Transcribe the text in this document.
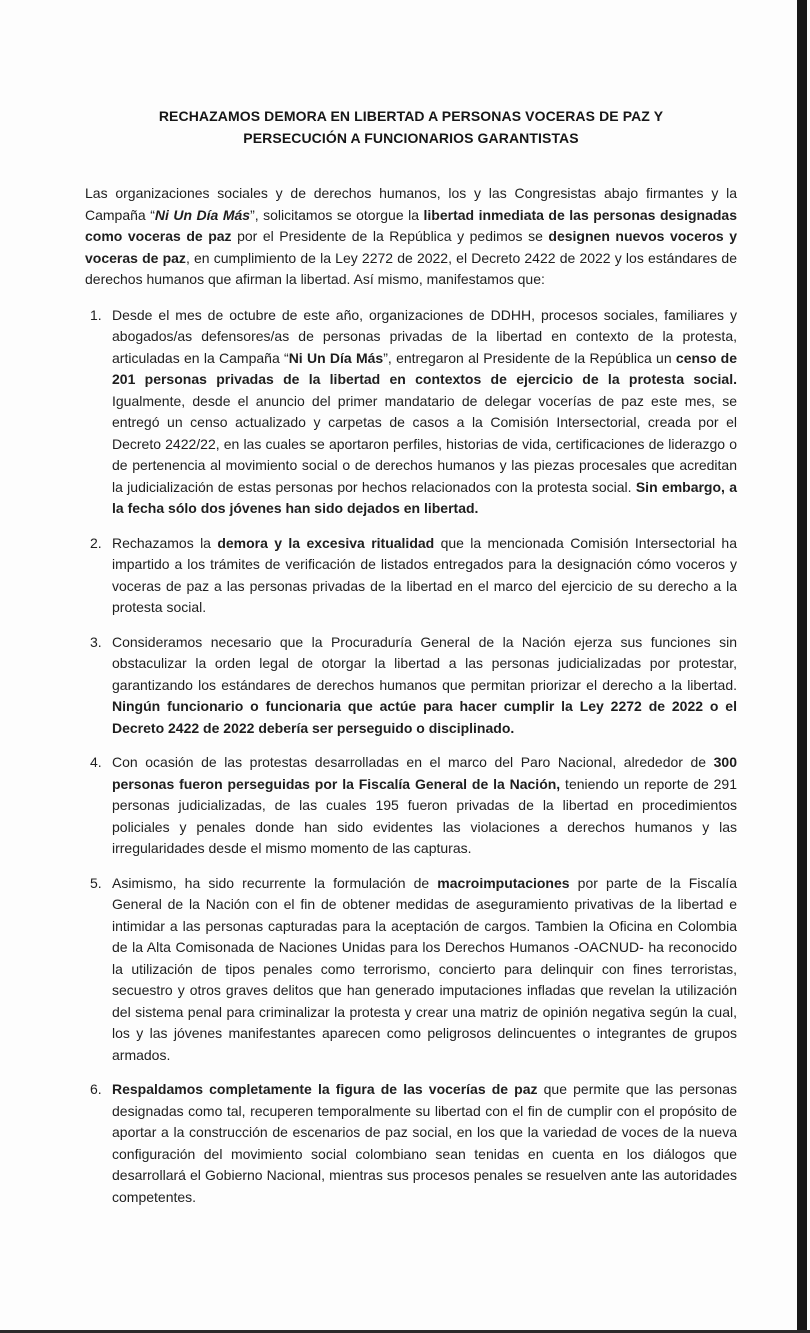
RECHAZAMOS DEMORA EN LIBERTAD A PERSONAS VOCERAS DE PAZ Y
PERSECUCIÓN A FUNCIONARIOS GARANTISTAS

Las organizaciones sociales y de derechos humanos, los y las Congresistas abajo firmantes y la Campaña “Ni Un Día Más”, solicitamos se otorgue la libertad inmediata de las personas designadas como voceras de paz por el Presidente de la República y pedimos se designen nuevos voceros y voceras de paz, en cumplimiento de la Ley 2272 de 2022, el Decreto 2422 de 2022 y los estándares de derechos humanos que afirman la libertad. Así mismo, manifestamos que:

1. Desde el mes de octubre de este año, organizaciones de DDHH, procesos sociales, familiares y abogados/as defensores/as de personas privadas de la libertad en contexto de la protesta, articuladas en la Campaña “Ni Un Día Más”, entregaron al Presidente de la República un censo de 201 personas privadas de la libertad en contextos de ejercicio de la protesta social. Igualmente, desde el anuncio del primer mandatario de delegar vocerías de paz este mes, se entregó un censo actualizado y carpetas de casos a la Comisión Intersectorial, creada por el Decreto 2422/22, en las cuales se aportaron perfiles, historias de vida, certificaciones de liderazgo o de pertenencia al movimiento social o de derechos humanos y las piezas procesales que acreditan la judicialización de estas personas por hechos relacionados con la protesta social. Sin embargo, a la fecha sólo dos jóvenes han sido dejados en libertad.
2. Rechazamos la demora y la excesiva ritualidad que la mencionada Comisión Intersectorial ha impartido a los trámites de verificación de listados entregados para la designación cómo voceros y voceras de paz a las personas privadas de la libertad en el marco del ejercicio de su derecho a la protesta social.
3. Consideramos necesario que la Procuraduría General de la Nación ejerza sus funciones sin obstaculizar la orden legal de otorgar la libertad a las personas judicializadas por protestar, garantizando los estándares de derechos humanos que permitan priorizar el derecho a la libertad. Ningún funcionario o funcionaria que actúe para hacer cumplir la Ley 2272 de 2022 o el Decreto 2422 de 2022 debería ser perseguido o disciplinado.
4. Con ocasión de las protestas desarrolladas en el marco del Paro Nacional, alrededor de 300 personas fueron perseguidas por la Fiscalía General de la Nación, teniendo un reporte de 291 personas judicializadas, de las cuales 195 fueron privadas de la libertad en procedimientos policiales y penales donde han sido evidentes las violaciones a derechos humanos y las irregularidades desde el mismo momento de las capturas.
5. Asimismo, ha sido recurrente la formulación de macroimputaciones por parte de la Fiscalía General de la Nación con el fin de obtener medidas de aseguramiento privativas de la libertad e intimidar a las personas capturadas para la aceptación de cargos. Tambien la Oficina en Colombia de la Alta Comisonada de Naciones Unidas para los Derechos Humanos -OACNUD- ha reconocido la utilización de tipos penales como terrorismo, concierto para delinquir con fines terroristas, secuestro y otros graves delitos que han generado imputaciones infladas que revelan la utilización del sistema penal para criminalizar la protesta y crear una matriz de opinión negativa según la cual, los y las jóvenes manifestantes aparecen como peligrosos delincuentes o integrantes de grupos armados.
6. Respaldamos completamente la figura de las vocerías de paz que permite que las personas designadas como tal, recuperen temporalmente su libertad con el fin de cumplir con el propósito de aportar a la construcción de escenarios de paz social, en los que la variedad de voces de la nueva configuración del movimiento social colombiano sean tenidas en cuenta en los diálogos que desarrollará el Gobierno Nacional, mientras sus procesos penales se resuelven ante las autoridades competentes.
